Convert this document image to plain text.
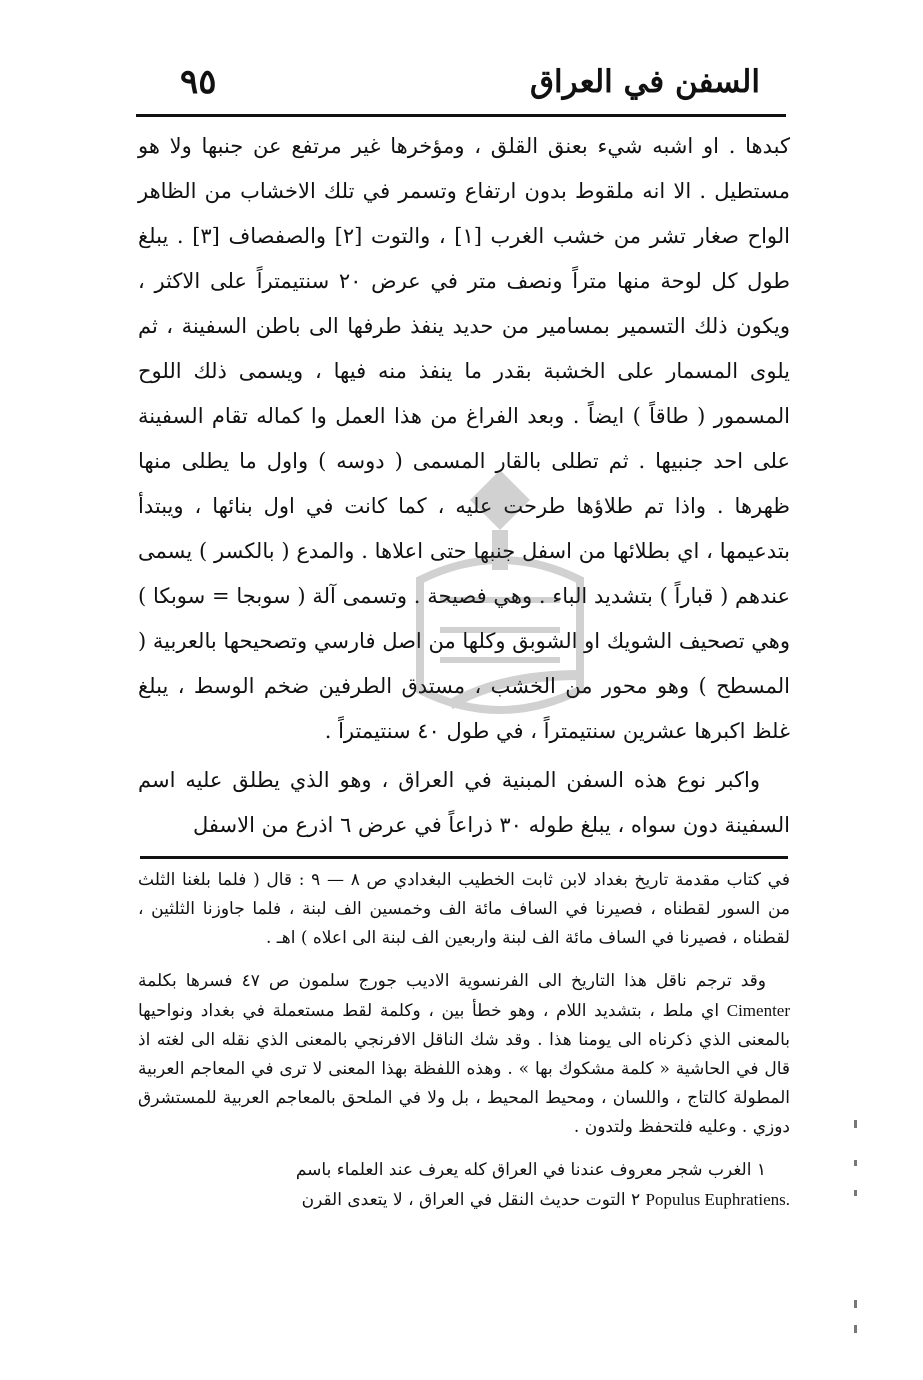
٩٥	السفن في العراق

كبدها . او اشبه شيء بعنق القلق ، ومؤخرها غير مرتفع عن جنبها ولا هو مستطيل . الا انه ملقوط بدون ارتفاع وتسمر في تلك الاخشاب من الظاهر الواح صغار تشر من خشب الغرب [١] ، والتوت [٢] والصفصاف [٣] . يبلغ طول كل لوحة منها متراً ونصف متر في عرض ٢٠ سنتيمتراً على الاكثر ، ويكون ذلك التسمير بمسامير من حديد ينفذ طرفها الى باطن السفينة ، ثم يلوى المسمار على الخشبة بقدر ما ينفذ منه فيها ، ويسمى ذلك اللوح المسمور ( طاقاً ) ايضاً . وبعد الفراغ من هذا العمل وا كماله تقام السفينة على احد جنبيها . ثم تطلى بالقار المسمى ( دوسه ) واول ما يطلى منها ظهرها . واذا تم طلاؤها طرحت عليه ، كما كانت في اول بنائها ، ويبتدأ بتدعيمها ، اي بطلائها من اسفل جنبها حتى اعلاها . والمدع ( بالكسر ) يسمى عندهم ( قباراً ) بتشديد الباء . وهي فصيحة . وتسمى آلة ( سوبجا = سوبكا ) وهي تصحيف الشويك او الشوبق وكلها من اصل فارسي وتصحيحها بالعربية ( المسطح ) وهو محور من الخشب ، مستدق الطرفين ضخم الوسط ، يبلغ غلظ اكبرها عشرين سنتيمتراً ، في طول ٤٠ سنتيمتراً .

واكبر نوع هذه السفن المبنية في العراق ، وهو الذي يطلق عليه اسم السفينة دون سواه ، يبلغ طوله ٣٠ ذراعاً في عرض ٦ اذرع من الاسفل

في كتاب مقدمة تاريخ بغداد لابن ثابت الخطيب البغدادي ص ٨ — ٩ : قال ( فلما بلغنا الثلث من السور لقطناه ، فصيرنا في الساف مائة الف وخمسين الف لبنة ، فلما جاوزنا الثلثين ، لقطناه ، فصيرنا في الساف مائة الف لبنة واربعين الف لبنة الى اعلاه ) اهـ .

وقد ترجم ناقل هذا التاريخ الى الفرنسوية الاديب جورج سلمون ص ٤٧ فسرها بكلمة Cimenter اي ملط ، بتشديد اللام ، وهو خطأ بين ، وكلمة لقط مستعملة في بغداد ونواحيها بالمعنى الذي ذكرناه الى يومنا هذا . وقد شك الناقل الافرنجي بالمعنى الذي نقله الى لغته اذ قال في الحاشية « كلمة مشكوك بها » . وهذه اللفظة بهذا المعنى لا ترى في المعاجم العربية المطولة كالتاج ، واللسان ، ومحيط المحيط ، بل ولا في الملحق بالمعاجم العربية للمستشرق دوزي . وعليه فلتحفظ ولتدون .

١ الغرب شجر معروف عندنا في العراق كله يعرف عند العلماء باسم
Populus Euphratiens. ٢ التوت حديث النقل في العراق ، لا يتعدى القرن
